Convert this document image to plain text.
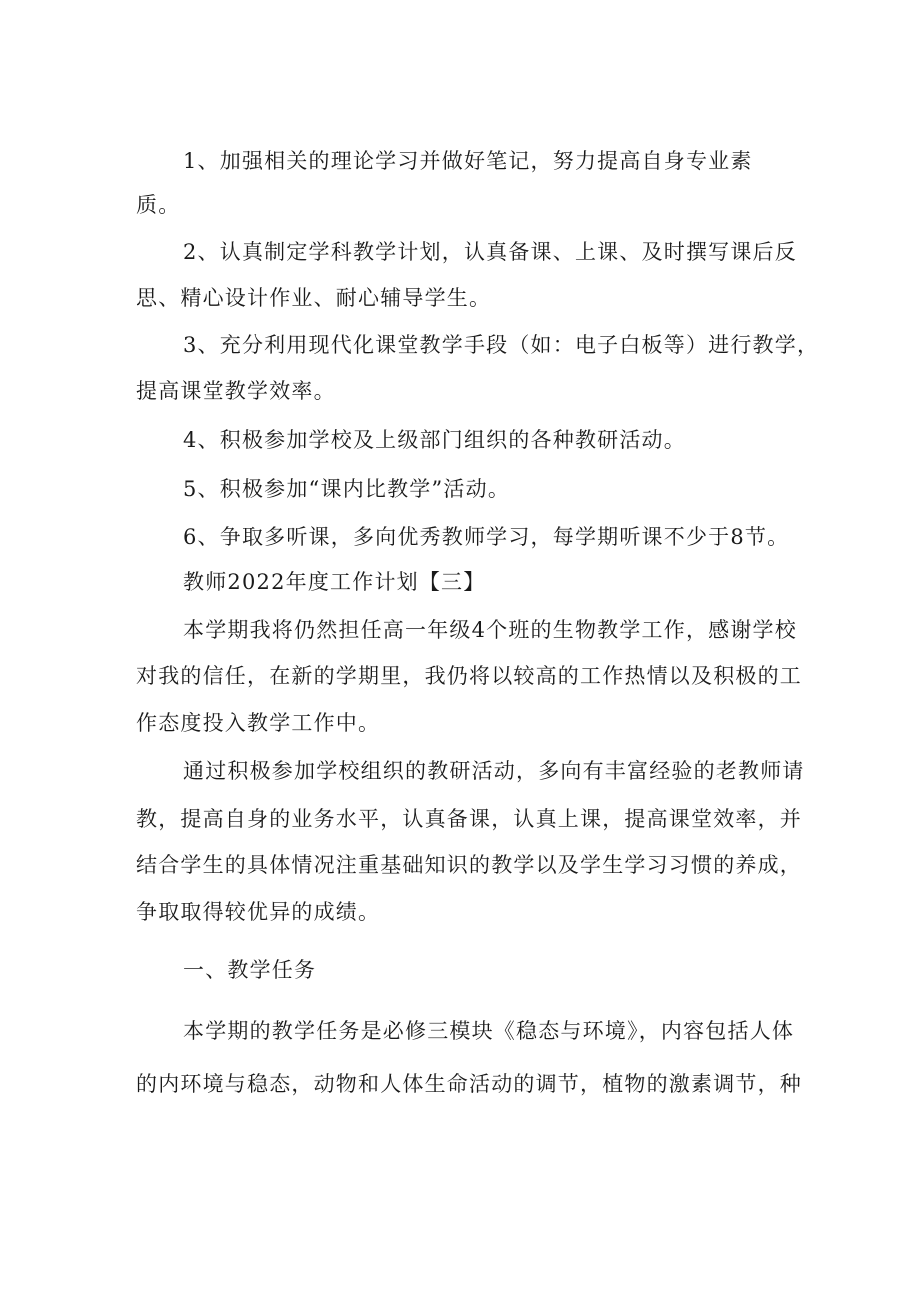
1、加强相关的理论学习并做好笔记，努力提高自身专业素

质。

2、认真制定学科教学计划，认真备课、上课、及时撰写课后反

思、精心设计作业、耐心辅导学生。

3、充分利用现代化课堂教学手段（如：电子白板等）进行教学，

提高课堂教学效率。

4、积极参加学校及上级部门组织的各种教研活动。

5、积极参加“课内比教学”活动。

6、争取多听课，多向优秀教师学习，每学期听课不少于8节。

教师2022年度工作计划【三】

本学期我将仍然担任高一年级4个班的生物教学工作，感谢学校

对我的信任，在新的学期里，我仍将以较高的工作热情以及积极的工

作态度投入教学工作中。

通过积极参加学校组织的教研活动，多向有丰富经验的老教师请

教，提高自身的业务水平，认真备课，认真上课，提高课堂效率，并

结合学生的具体情况注重基础知识的教学以及学生学习习惯的养成，

争取取得较优异的成绩。

一、教学任务

本学期的教学任务是必修三模块《稳态与环境》，内容包括人体

的内环境与稳态，动物和人体生命活动的调节，植物的激素调节，种
